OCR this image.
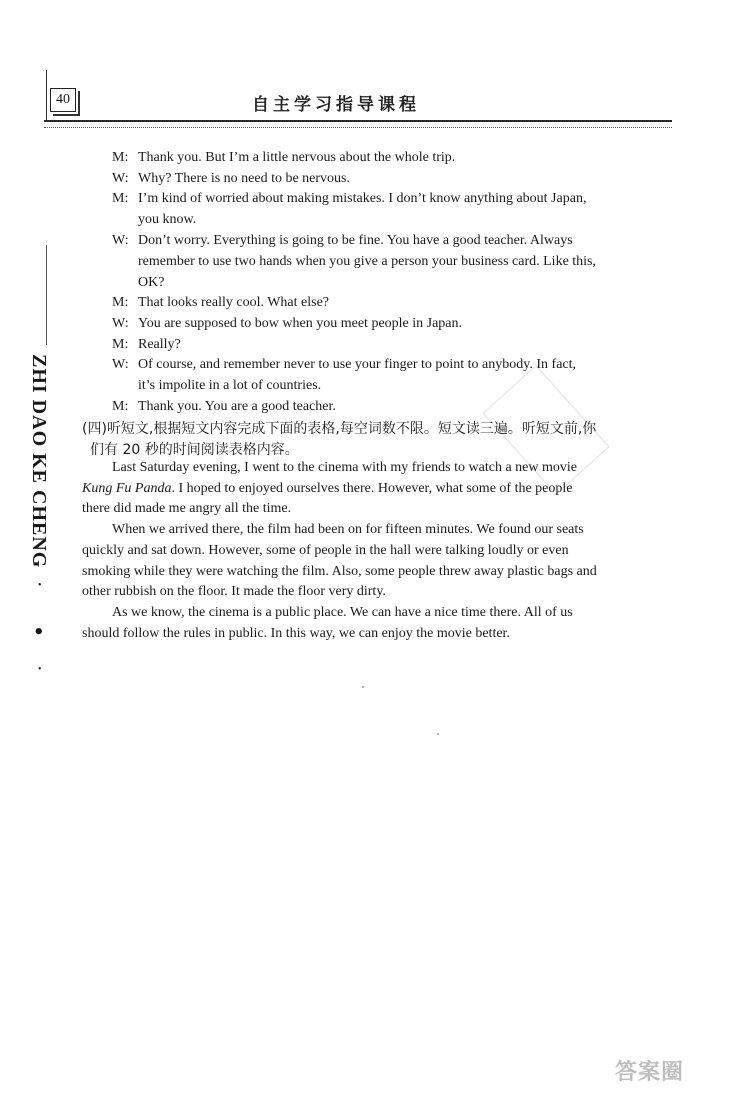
40	自主学习指导课程
ZHI DAO KE CHENG
•
•
•
M: Thank you. But I’m a little nervous about the whole trip.
W: Why? There is no need to be nervous.
M: I’m kind of worried about making mistakes. I don’t know anything about Japan,
you know.
W: Don’t worry. Everything is going to be fine. You have a good teacher. Always
remember to use two hands when you give a person your business card. Like this,
OK?
M: That looks really cool. What else?
W: You are supposed to bow when you meet people in Japan.
M: Really?
W: Of course, and remember never to use your finger to point to anybody. In fact,
it’s impolite in a lot of countries.
M: Thank you. You are a good teacher.
(四)听短文,根据短文内容完成下面的表格,每空词数不限。短文读三遍。听短文前,你
们有 20 秒的时间阅读表格内容。
Last Saturday evening, I went to the cinema with my friends to watch a new movie
Kung Fu Panda. I hoped to enjoyed ourselves there. However, what some of the people
there did made me angry all the time.
When we arrived there, the film had been on for fifteen minutes. We found our seats
quickly and sat down. However, some of people in the hall were talking loudly or even
smoking while they were watching the film. Also, some people threw away plastic bags and
other rubbish on the floor. It made the floor very dirty.
As we know, the cinema is a public place. We can have a nice time there. All of us
should follow the rules in public. In this way, we can enjoy the movie better.
答案圈
